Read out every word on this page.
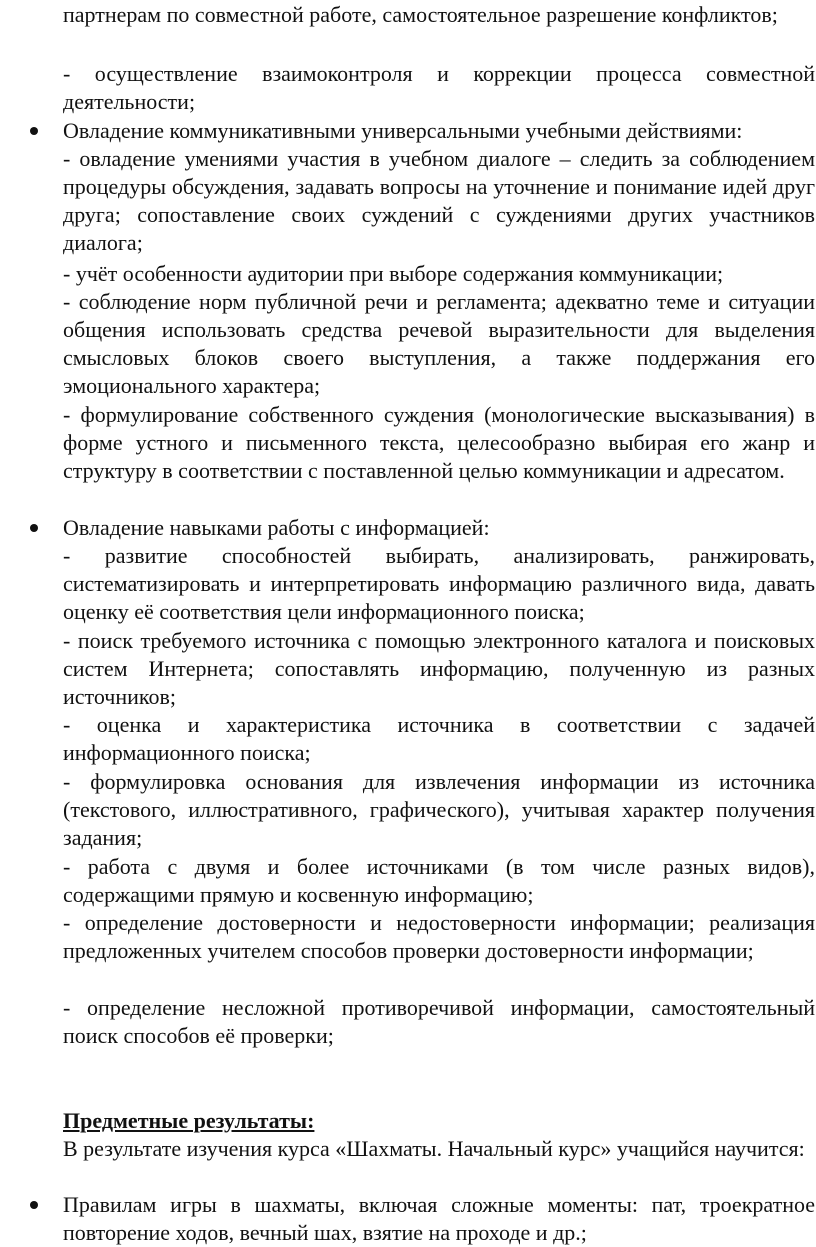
партнерам по совместной работе, самостоятельное разрешение конфликтов;

- осуществление взаимоконтроля и коррекции процесса совместной деятельности;

Овладение коммуникативными универсальными учебными действиями:

- овладение умениями участия в учебном диалоге – следить за соблюдением процедуры обсуждения, задавать вопросы на уточнение и понимание идей друг друга; сопоставление своих суждений с суждениями других участников диалога;

- учёт особенности аудитории при выборе содержания коммуникации;

- соблюдение норм публичной речи и регламента; адекватно теме и ситуации общения использовать средства речевой выразительности для выделения смысловых блоков своего выступления, а также поддержания его эмоционального характера;

- формулирование собственного суждения (монологические высказывания) в форме устного и письменного текста, целесообразно выбирая его жанр и структуру в соответствии с поставленной целью коммуникации и адресатом.

Овладение навыками работы с информацией:

- развитие способностей выбирать, анализировать, ранжировать, систематизировать и интерпретировать информацию различного вида, давать оценку её соответствия цели информационного поиска;

- поиск требуемого источника с помощью электронного каталога и поисковых систем Интернета; сопоставлять информацию, полученную из разных источников;

- оценка и характеристика источника в соответствии с задачей информационного поиска;

- формулировка основания для извлечения информации из источника (текстового, иллюстративного, графического), учитывая характер получения задания;

- работа с двумя и более источниками (в том числе разных видов), содержащими прямую и косвенную информацию;

- определение достоверности и недостоверности информации; реализация предложенных учителем способов проверки достоверности информации;

- определение несложной противоречивой информации, самостоятельный поиск способов её проверки;

Предметные результаты:

В результате изучения курса «Шахматы. Начальный курс» учащийся научится:

Правилам игры в шахматы, включая сложные моменты: пат, троекратное повторение ходов, вечный шах, взятие на проходе и др.;
